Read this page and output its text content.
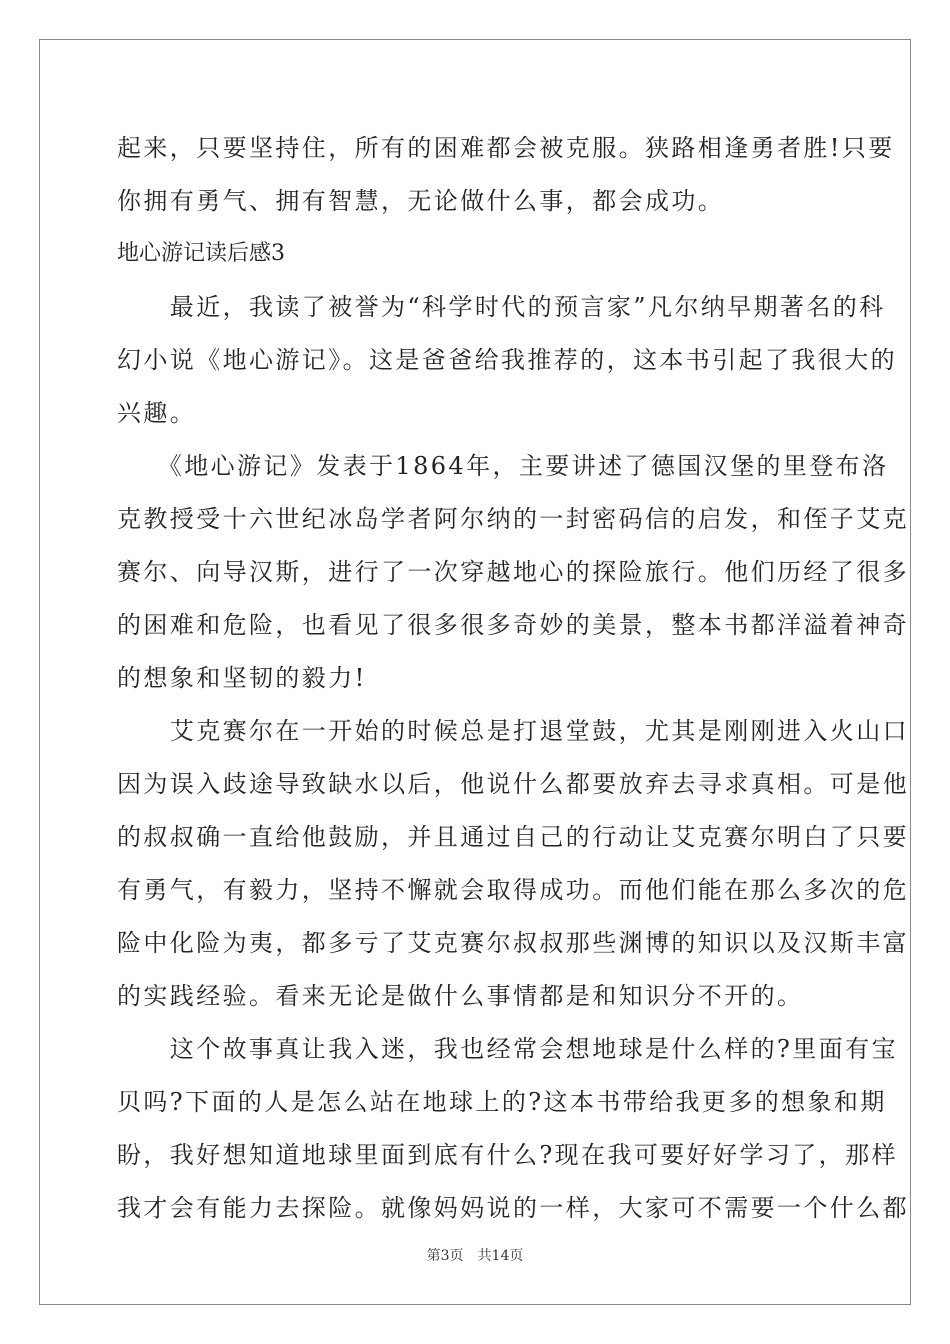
起来，只要坚持住，所有的困难都会被克服。狭路相逢勇者胜!只要
你拥有勇气、拥有智慧，无论做什么事，都会成功。
地心游记读后感3
　　最近，我读了被誉为“科学时代的预言家”凡尔纳早期著名的科
幻小说《地心游记》。这是爸爸给我推荐的，这本书引起了我很大的
兴趣。
　　《地心游记》发表于1864年，主要讲述了德国汉堡的里登布洛
克教授受十六世纪冰岛学者阿尔纳的一封密码信的启发，和侄子艾克
赛尔、向导汉斯，进行了一次穿越地心的探险旅行。他们历经了很多
的困难和危险，也看见了很多很多奇妙的美景，整本书都洋溢着神奇
的想象和坚韧的毅力!
　　艾克赛尔在一开始的时候总是打退堂鼓，尤其是刚刚进入火山口
因为误入歧途导致缺水以后，他说什么都要放弃去寻求真相。可是他
的叔叔确一直给他鼓励，并且通过自己的行动让艾克赛尔明白了只要
有勇气，有毅力，坚持不懈就会取得成功。而他们能在那么多次的危
险中化险为夷，都多亏了艾克赛尔叔叔那些渊博的知识以及汉斯丰富
的实践经验。看来无论是做什么事情都是和知识分不开的。
　　这个故事真让我入迷，我也经常会想地球是什么样的?里面有宝
贝吗?下面的人是怎么站在地球上的?这本书带给我更多的想象和期
盼，我好想知道地球里面到底有什么?现在我可要好好学习了，那样
我才会有能力去探险。就像妈妈说的一样，大家可不需要一个什么都
第3页　共14页
